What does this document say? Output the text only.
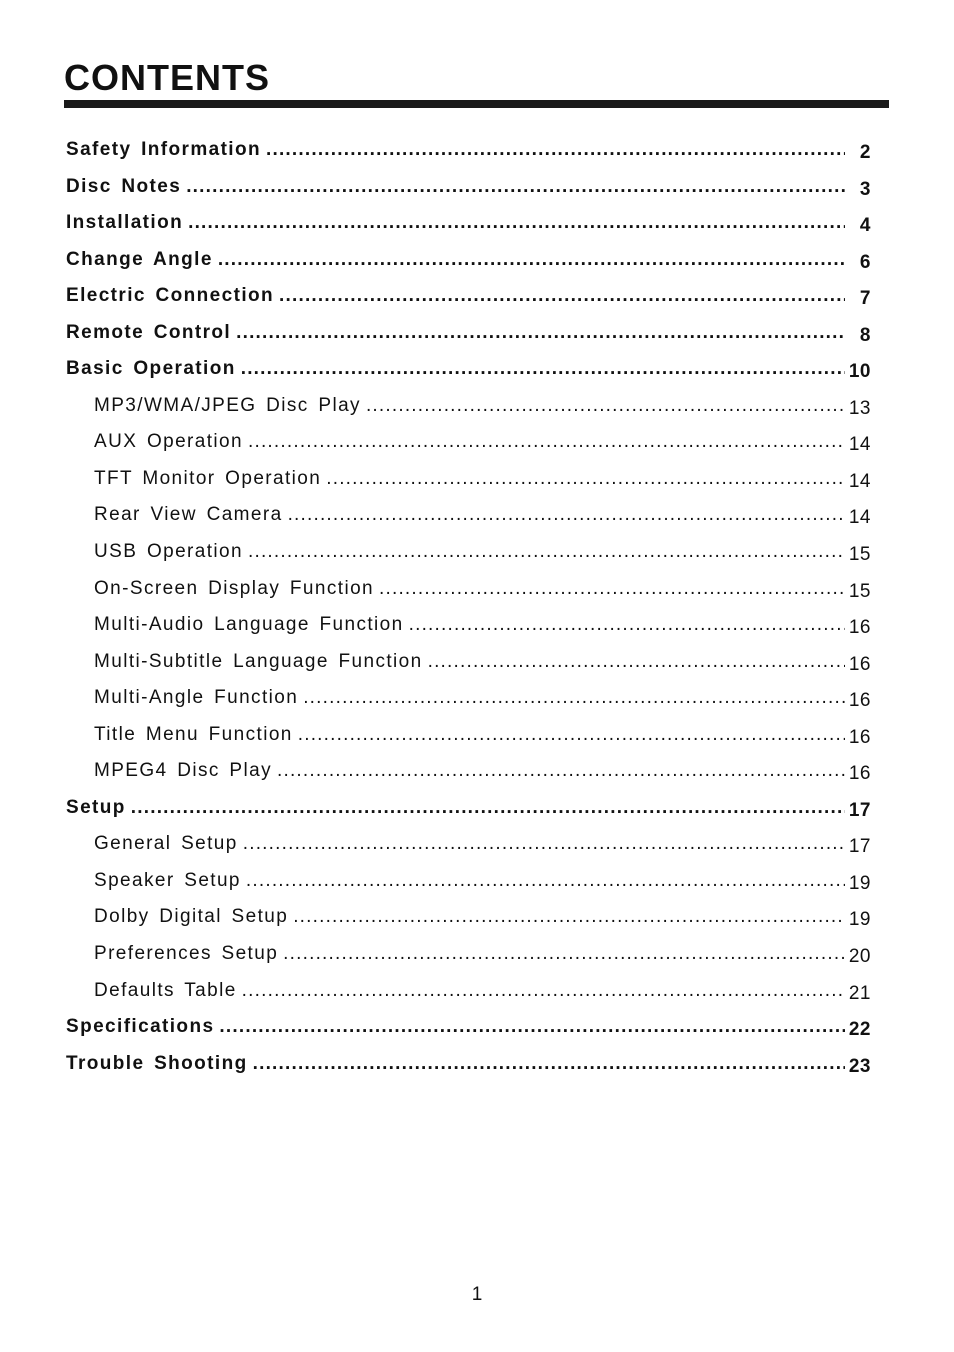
CONTENTS
Safety Information .....	2
Disc Notes .....	3
Installation .....	4
Change Angle .....	6
Electric Connection .....	7
Remote Control .....	8
Basic Operation .....	10
MP3/WMA/JPEG Disc Play .....	13
AUX Operation .....	14
TFT Monitor Operation .....	14
Rear View Camera .....	14
USB Operation .....	15
On-Screen Display Function .....	15
Multi-Audio Language Function .....	16
Multi-Subtitle Language Function .....	16
Multi-Angle Function .....	16
Title Menu Function .....	16
MPEG4 Disc Play .....	16
Setup .....	17
General Setup .....	17
Speaker Setup .....	19
Dolby Digital Setup .....	19
Preferences Setup .....	20
Defaults Table .....	21
Specifications .....	22
Trouble Shooting .....	23
1
